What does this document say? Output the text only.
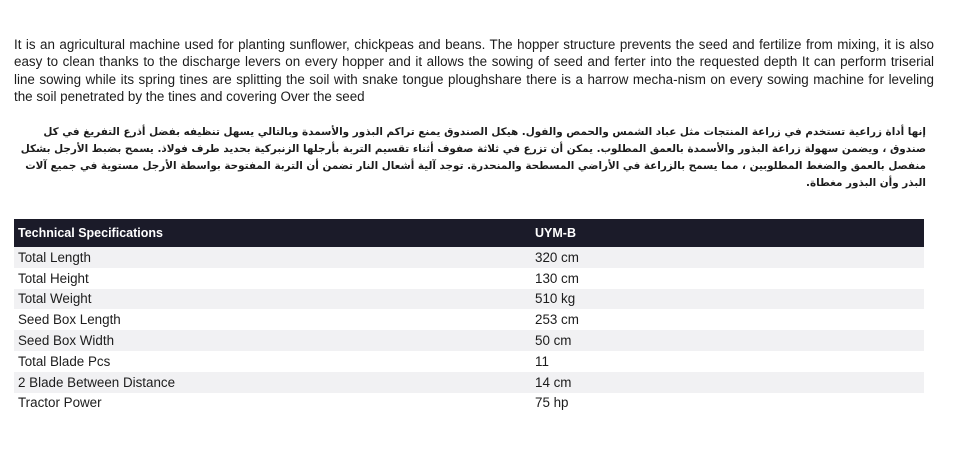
It is an agricultural machine used for planting sunflower, chickpeas and beans. The hopper structure prevents the seed and fertilize from mixing, it is also easy to clean thanks to the discharge levers on every hopper and it allows the sowing of seed and ferter into the requested depth It can perform triserial line sowing while its spring tines are splitting the soil with snake tongue ploughshare there is a harrow mecha-nism on every sowing machine for leveling the soil penetrated by the tines and covering Over the seed

إنها أداة زراعية تستخدم في زراعة المنتجات مثل عباد الشمس والحمص والفول. هيكل الصندوق يمنع تراكم البذور والأسمدة وبالتالي يسهل تنظيفه بفضل أذرع التفريغ في كل صندوق ، ويضمن سهولة زراعة البذور والأسمدة بالعمق المطلوب. يمكن أن تزرع في ثلاثة صفوف أثناء تقسيم التربة بأرجلها الزنبركية بحديد طرف فولاذ. يسمح بضبط الأرجل بشكل منفصل بالعمق والضغط المطلوبين ، مما يسمح بالزراعة في الأراضي المسطحة والمنحدرة. توجد آلية أشعال النار تضمن أن التربة المفتوحة بواسطة الأرجل مستوية في جميع آلات البذر وأن البذور مغطاة.

Technical Specifications	UYM-B
Total Length	320 cm
Total Height	130 cm
Total Weight	510 kg
Seed Box Length	253 cm
Seed Box Width	50 cm
Total Blade Pcs	11
2 Blade Between Distance	14 cm
Tractor Power	75 hp
